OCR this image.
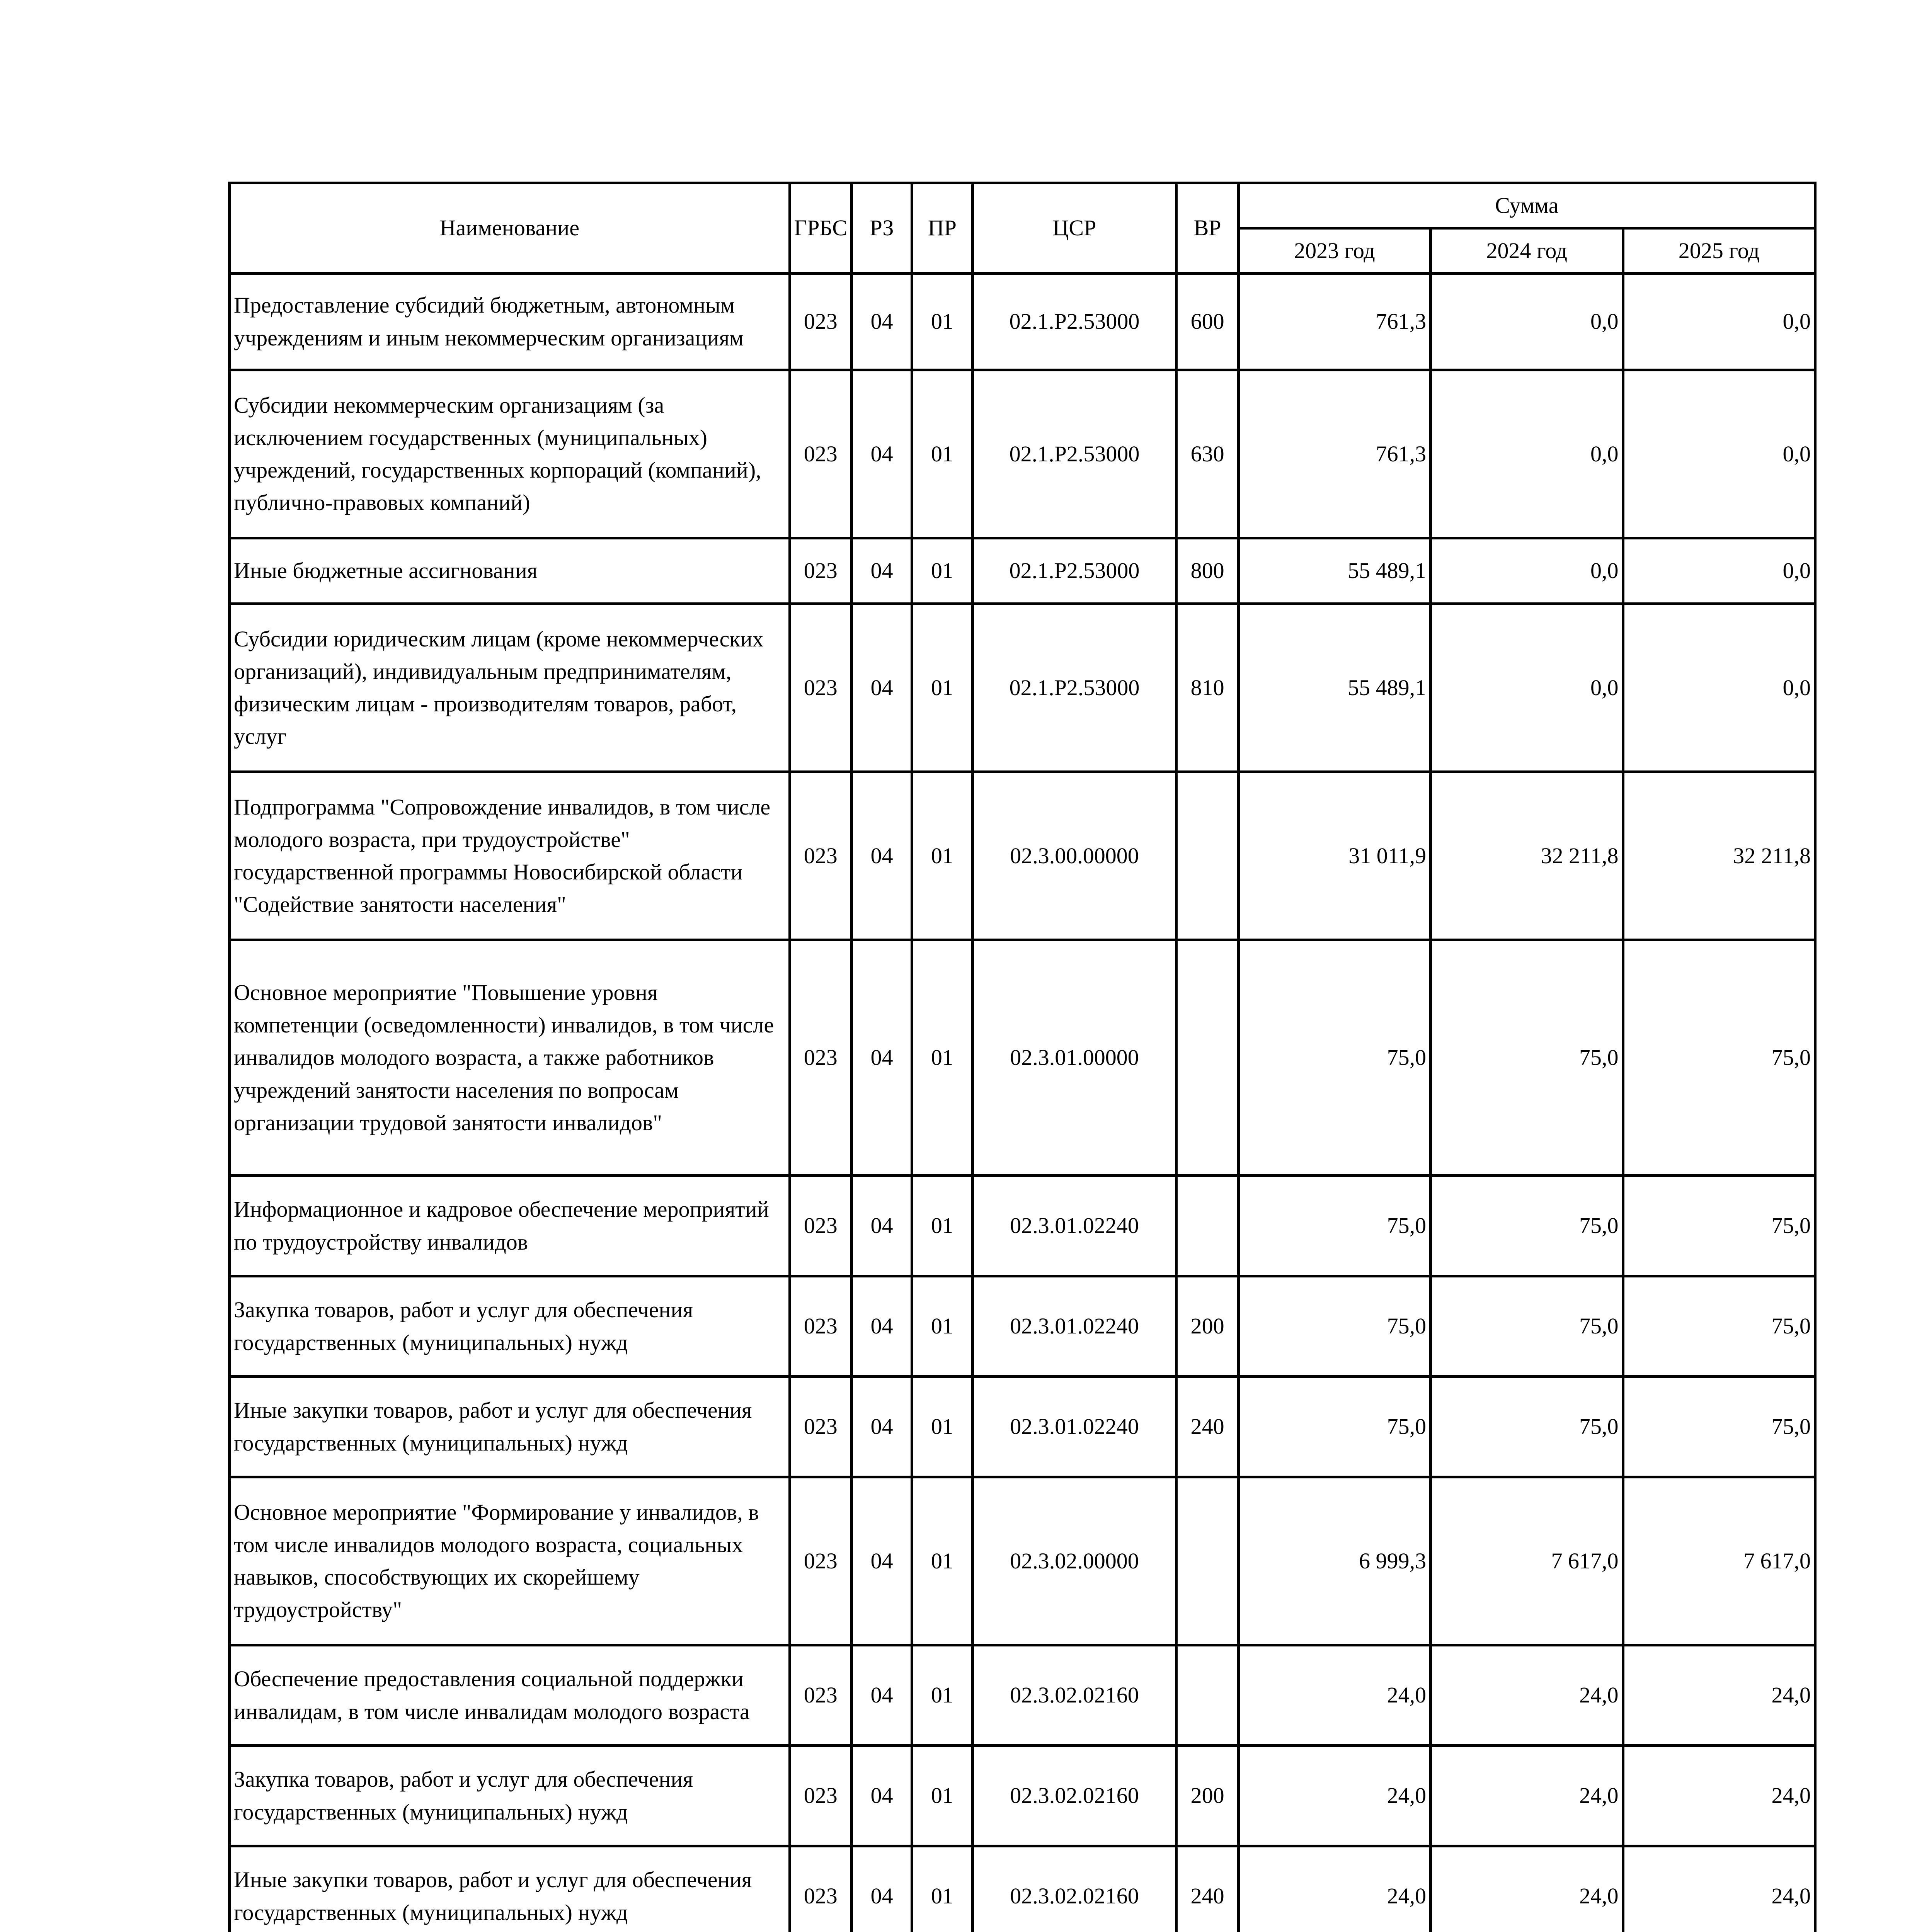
Наименование	ГРБС	РЗ	ПР	ЦСР	ВР	Сумма		
						2023 год	2024 год	2025 год
Предоставление субсидий бюджетным, автономным учреждениям и иным некоммерческим организациям	023	04	01	02.1.P2.53000	600	761,3	0,0	0,0
Субсидии некоммерческим организациям (за исключением государственных (муниципальных) учреждений, государственных корпораций (компаний), публично-правовых компаний)	023	04	01	02.1.P2.53000	630	761,3	0,0	0,0
Иные бюджетные ассигнования	023	04	01	02.1.P2.53000	800	55 489,1	0,0	0,0
Субсидии юридическим лицам (кроме некоммерческих организаций), индивидуальным предпринимателям, физическим лицам - производителям товаров, работ, услуг	023	04	01	02.1.P2.53000	810	55 489,1	0,0	0,0
Подпрограмма "Сопровождение инвалидов, в том числе молодого возраста, при трудоустройстве" государственной программы Новосибирской области "Содействие занятости населения"	023	04	01	02.3.00.00000		31 011,9	32 211,8	32 211,8
Основное мероприятие "Повышение уровня компетенции (осведомленности) инвалидов, в том числе инвалидов молодого возраста, а также работников учреждений занятости населения по вопросам организации трудовой занятости инвалидов"	023	04	01	02.3.01.00000		75,0	75,0	75,0
Информационное и кадровое обеспечение мероприятий по трудоустройству инвалидов	023	04	01	02.3.01.02240		75,0	75,0	75,0
Закупка товаров, работ и услуг для обеспечения государственных (муниципальных) нужд	023	04	01	02.3.01.02240	200	75,0	75,0	75,0
Иные закупки товаров, работ и услуг для обеспечения государственных (муниципальных) нужд	023	04	01	02.3.01.02240	240	75,0	75,0	75,0
Основное мероприятие "Формирование у инвалидов, в том числе инвалидов молодого возраста, социальных навыков, способствующих их скорейшему трудоустройству"	023	04	01	02.3.02.00000		6 999,3	7 617,0	7 617,0
Обеспечение предоставления социальной поддержки инвалидам, в том числе инвалидам молодого возраста	023	04	01	02.3.02.02160		24,0	24,0	24,0
Закупка товаров, работ и услуг для обеспечения государственных (муниципальных) нужд	023	04	01	02.3.02.02160	200	24,0	24,0	24,0
Иные закупки товаров, работ и услуг для обеспечения государственных (муниципальных) нужд	023	04	01	02.3.02.02160	240	24,0	24,0	24,0
